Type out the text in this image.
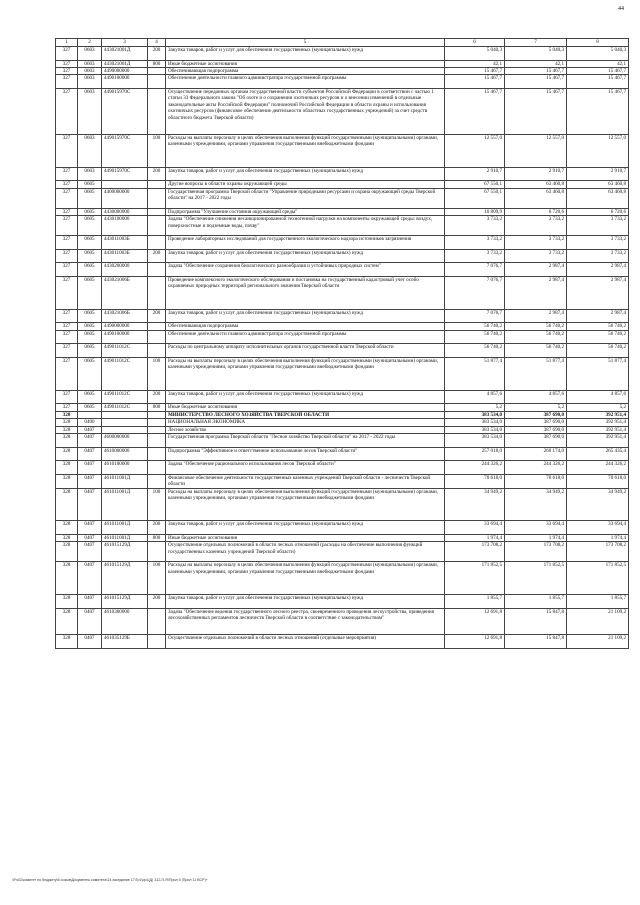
44
1	2	3	4	5	6	7	8
327	0603	443021001Д	200	Закупка товаров, работ и услуг для обеспечения государственных (муниципальных) нужд	5 040,3	5 040,3	5 040,3
327	0603	443021001Д	800	Иные бюджетные ассигнования	42,1	42,1	42,1
327	0603	4490000000		Обеспечивающая подпрограмма	15 467,7	15 467,7	15 467,7
327	0603	4490100000		Обеспечение деятельности главного администратора государственной программы	15 467,7	15 467,7	15 467,7
327	0603	449015970С		Осуществление переданных органам государственной власти субъектов Российской Федерации в соответствии с частью 1 статьи 33 Федерального закона "Об охоте и о сохранении охотничьих ресурсов и о внесении изменений в отдельные законодательные акты Российской Федерации" полномочий Российской Федерации в области охраны и использования охотничьих ресурсов (финансовое обеспечение деятельности областных государственных учреждений) за счет средств областного бюджета Тверской области)	15 467,7	15 467,7	15 467,7
327	0603	449015970С	100	Расходы на выплаты персоналу в целях обеспечения выполнения функций государственными (муниципальными) органами, казенными учреждениями, органами управления государственными внебюджетными фондами	12 557,0	12 557,0	12 557,0
327	0603	449015970С	200	Закупка товаров, работ и услуг для обеспечения государственных (муниципальных) нужд	2 910,7	2 910,7	2 910,7
327	0605			Другие вопросы в области охраны окружающей среды	67 550,1	63 460,8	63 460,8
327	0605	4400000000		Государственная программа Тверской области "Управление природными ресурсами и охрана окружающей среды Тверской области" на 2017 - 2022 годы	67 550,1	63 460,8	63 460,8
327	0605	4430000000		Подпрограмма "Улучшение состояния окружающей среды"	10 809,9	6 720,6	6 720,6
327	0605	4430100000		Задача "Обеспечение снижения несанкционированной техногенной нагрузки на компоненты окружающей среды: воздух, поверхностные и подземные воды, почву"	3 733,2	3 733,2	3 733,2
327	0605	443011003Б		Проведение лабораторных исследований для государственного экологического надзора источников загрязнения	3 733,2	3 733,2	3 733,2
327	0605	443011003Б	200	Закупка товаров, работ и услуг для обеспечения государственных (муниципальных) нужд	3 733,2	3 733,2	3 733,2
327	0605	4430200000		Задача "Обеспечение сохранения биологического разнообразия и устойчивых природных систем"	7 076,7	2 987,4	2 987,4
327	0605	443021006Б		Проведение комплексного экологического обследования и постановка на государственный кадастровый учет особо охраняемых природных территорий регионального значения Тверской области	7 076,7	2 987,4	2 987,4
327	0605	443021006Б	200	Закупка товаров, работ и услуг для обеспечения государственных (муниципальных) нужд	7 076,7	2 987,4	2 987,4
327	0605	4490000000		Обеспечивающая подпрограмма	56 740,2	56 740,2	56 740,2
327	0605	4490100000		Обеспечение деятельности главного администратора государственной программы	56 740,2	56 740,2	56 740,2
327	0605	449011012С		Расходы по центральному аппарату исполнительных органов государственной власти Тверской области	56 740,2	56 740,2	56 740,2
327	0605	449011012С	100	Расходы на выплаты персоналу в целях обеспечения выполнения функций государственными (муниципальными) органами, казенными учреждениями, органами управления государственными внебюджетными фондами	51 877,4	51 877,4	51 877,4
327	0605	449011012С	200	Закупка товаров, работ и услуг для обеспечения государственных (муниципальных) нужд	4 857,6	4 857,6	4 857,6
327	0605	449011012С	800	Иные бюджетные ассигнования	5,2	5,2	5,2
328				МИНИСТЕРСТВО ЛЕСНОГО ХОЗЯЙСТВА ТВЕРСКОЙ ОБЛАСТИ	383 534,0	387 690,0	392 951,4
328	0400			НАЦИОНАЛЬНАЯ ЭКОНОМИКА	383 534,0	387 690,0	392 951,4
328	0407			Лесное хозяйство	383 534,0	387 690,0	392 951,4
328	0407	4600000000		Государственная программа Тверской области "Лесное хозяйство Тверской области" на 2017 - 2022 годы	383 534,0	387 690,0	392 951,4
328	0407	4610000000		Подпрограмма "Эффективное и ответственное использование лесов Тверской области"	257 018,0	260 174,0	265 435,4
328	0407	4610100000		Задача "Обеспечение рационального использования лесов Тверской области"	244 326,2	244 326,2	244 326,2
328	0407	461011001Д		Финансовое обеспечение деятельности государственных казенных учреждений Тверской области - лесничеств Тверской области	70 618,0	70 618,0	70 618,0
328	0407	461011001Д	100	Расходы на выплаты персоналу в целях обеспечения выполнения функций государственными (муниципальными) органами, казенными учреждениями, органами управления государственными внебюджетными фондами	34 949,2	34 949,2	34 949,2
328	0407	461011001Д	200	Закупка товаров, работ и услуг для обеспечения государственных (муниципальных) нужд	33 694,4	33 694,4	33 694,4
328	0407	461011001Д	800	Иные бюджетные ассигнования	1 974,4	1 974,4	1 974,4
328	0407	461015129Д		Осуществление отдельных полномочий в области лесных отношений (расходы на обеспечение выполнения функций государственных казенных учреждений Тверской области)	173 708,2	173 708,2	173 708,2
328	0407	461015129Д	100	Расходы на выплаты персоналу в целях обеспечения выполнения функций государственными (муниципальными) органами, казенными учреждениями, органами управления государственными внебюджетными фондами	171 852,5	171 852,5	171 852,5
328	0407	461015129Д	200	Закупка товаров, работ и услуг для обеспечения государственных (муниципальных) нужд	1 855,7	1 855,7	1 855,7
328	0407	4610300000		Задача "Обеспечение ведения государственного лесного реестра, своевременного проведения лесоустройства, приведения лесохозяйственных регламентов лесничеств Тверской области в соответствие с законодательством"	12 691,8	15 847,8	21 109,2
328	0407	461035129Б		Осуществление отдельных полномочий в области лесных отношений (отдельные мероприятия)	12 691,8	15 847,8	21 109,2
\\Fs02\комитет по бюджету\6 созыв\Документы комитета\14 заседание 17\Гр1\рр1(Д) 312-П-Я\Прил 5 (Прил 11 ВСР)+
